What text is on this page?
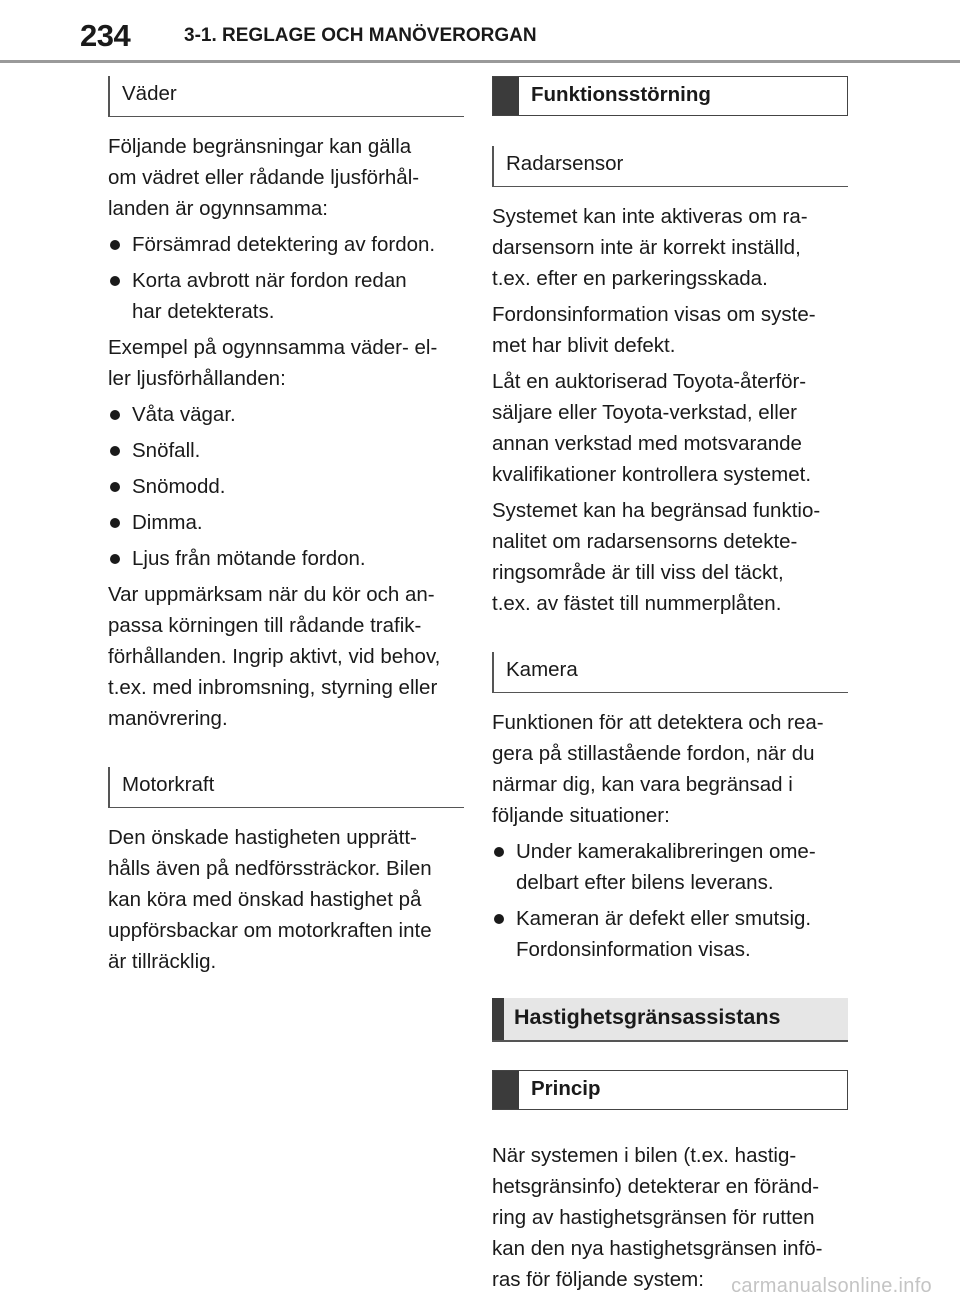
234	3-1. REGLAGE OCH MANÖVERORGAN
Väder
Följande begränsningar kan gälla
om vädret eller rådande ljusförhål-
landen är ogynnsamma:
Försämrad detektering av fordon.
Korta avbrott när fordon redan
har detekterats.
Exempel på ogynnsamma väder- el-
ler ljusförhållanden:
Våta vägar.
Snöfall.
Snömodd.
Dimma.
Ljus från mötande fordon.
Var uppmärksam när du kör och an-
passa körningen till rådande trafik-
förhållanden. Ingrip aktivt, vid behov,
t.ex. med inbromsning, styrning eller
manövrering.
Motorkraft
Den önskade hastigheten upprätt-
hålls även på nedförssträckor. Bilen
kan köra med önskad hastighet på
uppförsbackar om motorkraften inte
är tillräcklig.
Funktionsstörning
Radarsensor
Systemet kan inte aktiveras om ra-
darsensorn inte är korrekt inställd,
t.ex. efter en parkeringsskada.
Fordonsinformation visas om syste-
met har blivit defekt.
Låt en auktoriserad Toyota-återför-
säljare eller Toyota-verkstad, eller
annan verkstad med motsvarande
kvalifikationer kontrollera systemet.
Systemet kan ha begränsad funktio-
nalitet om radarsensorns detekte-
ringsområde är till viss del täckt,
t.ex. av fästet till nummerplåten.
Kamera
Funktionen för att detektera och rea-
gera på stillastående fordon, när du
närmar dig, kan vara begränsad i
följande situationer:
Under kamerakalibreringen ome-
delbart efter bilens leverans.
Kameran är defekt eller smutsig.
Fordonsinformation visas.
Hastighetsgränsassistans
Princip
När systemen i bilen (t.ex. hastig-
hetsgränsinfo) detekterar en föränd-
ring av hastighetsgränsen för rutten
kan den nya hastighetsgränsen infö-
ras för följande system:	carmanualsonline.info
